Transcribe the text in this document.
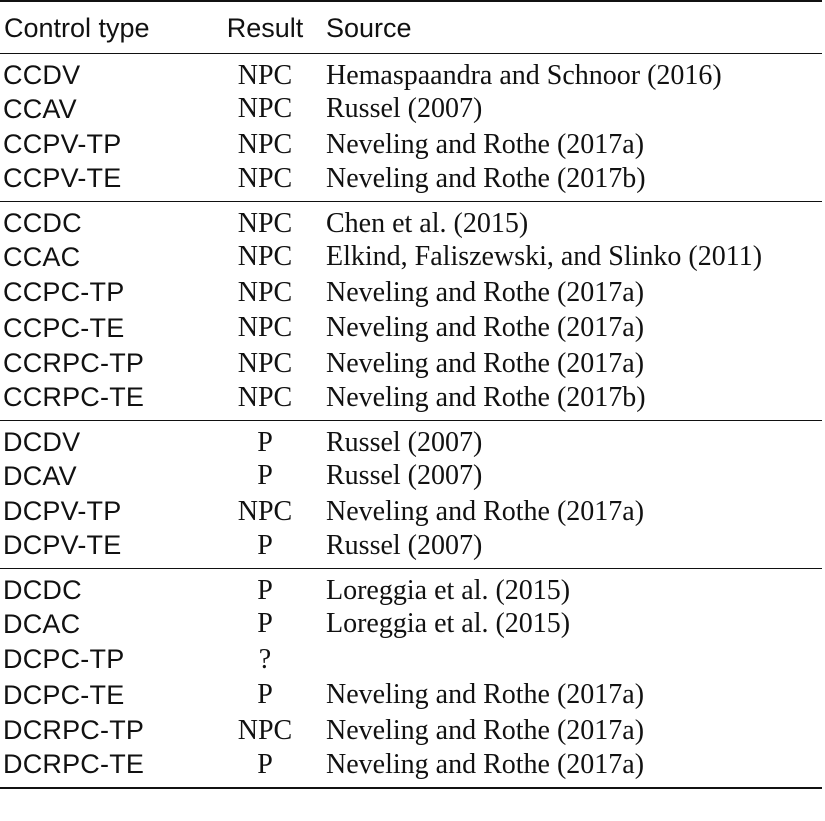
Control type	Result	Source
CCDV	NPC	Hemaspaandra and Schnoor (2016)
CCAV	NPC	Russel (2007)
CCPV-TP	NPC	Neveling and Rothe (2017a)
CCPV-TE	NPC	Neveling and Rothe (2017b)
CCDC	NPC	Chen et al. (2015)
CCAC	NPC	Elkind, Faliszewski, and Slinko (2011)
CCPC-TP	NPC	Neveling and Rothe (2017a)
CCPC-TE	NPC	Neveling and Rothe (2017a)
CCRPC-TP	NPC	Neveling and Rothe (2017a)
CCRPC-TE	NPC	Neveling and Rothe (2017b)
DCDV	P	Russel (2007)
DCAV	P	Russel (2007)
DCPV-TP	NPC	Neveling and Rothe (2017a)
DCPV-TE	P	Russel (2007)
DCDC	P	Loreggia et al. (2015)
DCAC	P	Loreggia et al. (2015)
DCPC-TP	?	
DCPC-TE	P	Neveling and Rothe (2017a)
DCRPC-TP	NPC	Neveling and Rothe (2017a)
DCRPC-TE	P	Neveling and Rothe (2017a)
